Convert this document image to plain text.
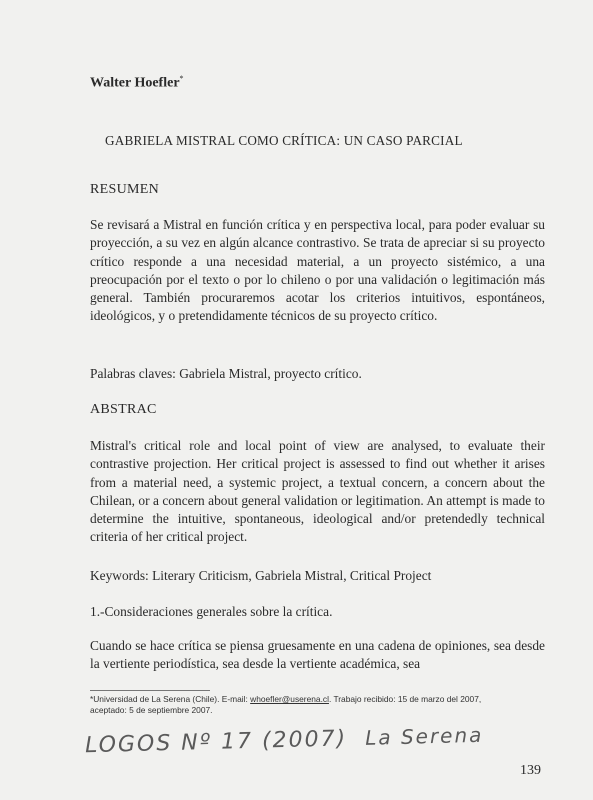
Walter Hoefler*
GABRIELA MISTRAL COMO CRÍTICA: UN CASO PARCIAL
RESUMEN
Se revisará a Mistral en función crítica y en perspectiva local, para poder evaluar su proyección, a su vez en algún alcance contrastivo. Se trata de apreciar si su proyecto crítico responde a una necesidad material, a un proyecto sistémico, a una preocupación por el texto o por lo chileno o por una validación o legitimación más general. También procuraremos acotar los criterios intuitivos, espontáneos, ideológicos, y o pretendidamente técnicos de su proyecto crítico.
Palabras claves: Gabriela Mistral, proyecto crítico.
ABSTRAC
Mistral's critical role and local point of view are analysed, to evaluate their contrastive projection. Her critical project is assessed to find out whether it arises from a material need, a systemic project, a textual concern, a concern about the Chilean, or a concern about general validation or legitimation. An attempt is made to determine the intuitive, spontaneous, ideological and/or pretendedly technical criteria of her critical project.
Keywords: Literary Criticism, Gabriela Mistral, Critical Project
1.-Consideraciones generales sobre la crítica.
Cuando se hace crítica se piensa gruesamente en una cadena de opiniones, sea desde la vertiente periodística, sea desde la vertiente académica, sea
*Universidad de La Serena (Chile). E-mail: whoefler@userena.cl. Trabajo recibido: 15 de marzo del 2007, aceptado: 5 de septiembre 2007.
LOGOS Nº 17 (2007) La Serena
139
